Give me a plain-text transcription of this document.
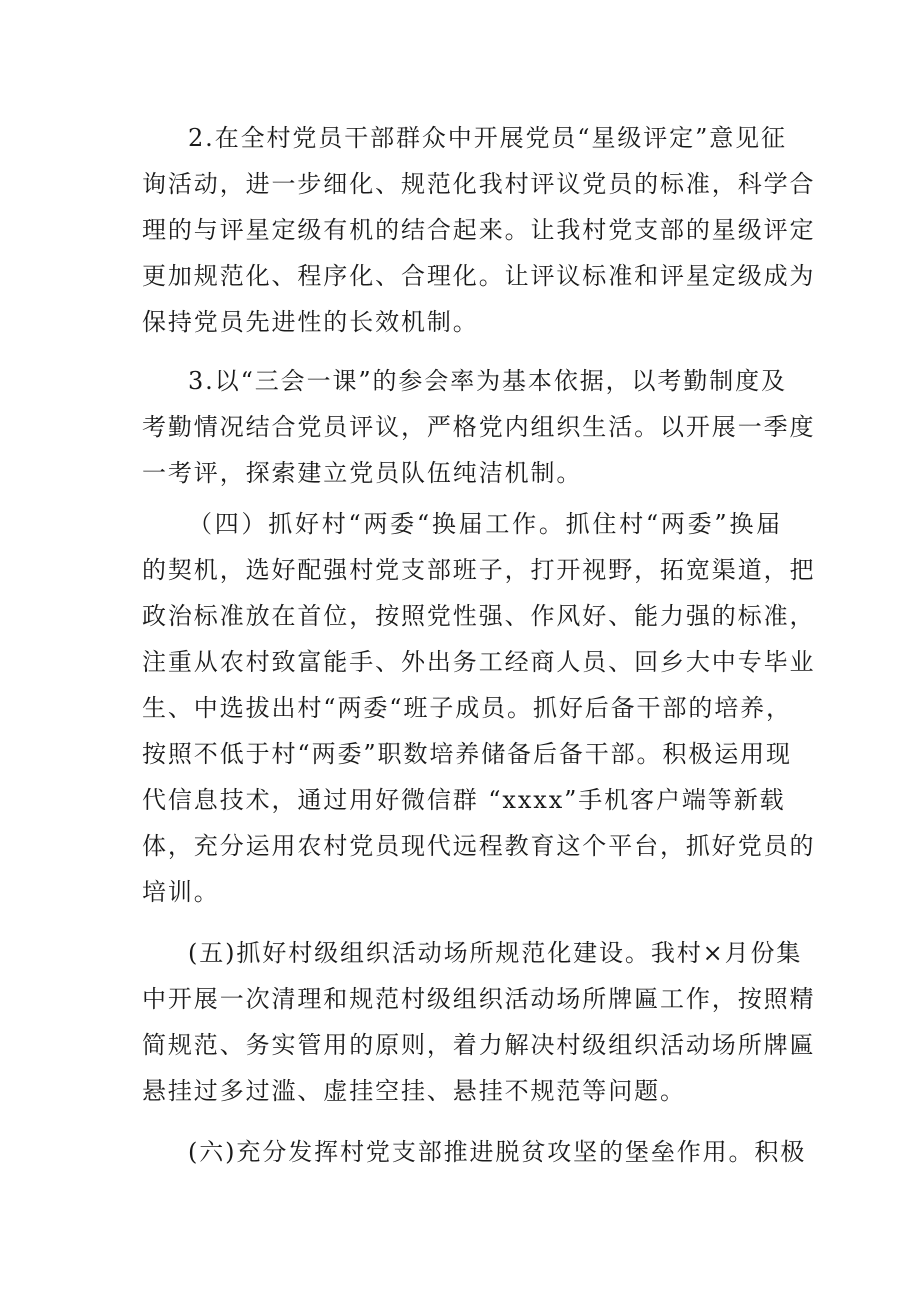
2.在全村党员干部群众中开展党员“星级评定”意见征
询活动，进一步细化、规范化我村评议党员的标准，科学合
理的与评星定级有机的结合起来。让我村党支部的星级评定
更加规范化、程序化、合理化。让评议标准和评星定级成为
保持党员先进性的长效机制。
3.以“三会一课”的参会率为基本依据，以考勤制度及
考勤情况结合党员评议，严格党内组织生活。以开展一季度
一考评，探索建立党员队伍纯洁机制。
（四）抓好村“两委“换届工作。抓住村“两委”换届
的契机，选好配强村党支部班子，打开视野，拓宽渠道，把
政治标准放在首位，按照党性强、作风好、能力强的标准，
注重从农村致富能手、外出务工经商人员、回乡大中专毕业
生、中选拔出村“两委“班子成员。抓好后备干部的培养，
按照不低于村“两委”职数培养储备后备干部。积极运用现
代信息技术，通过用好微信群 “xxxx”手机客户端等新载
体，充分运用农村党员现代远程教育这个平台，抓好党员的
培训。
(五)抓好村级组织活动场所规范化建设。我村×月份集
中开展一次清理和规范村级组织活动场所牌匾工作，按照精
简规范、务实管用的原则，着力解决村级组织活动场所牌匾
悬挂过多过滥、虚挂空挂、悬挂不规范等问题。
(六)充分发挥村党支部推进脱贫攻坚的堡垒作用。积极
